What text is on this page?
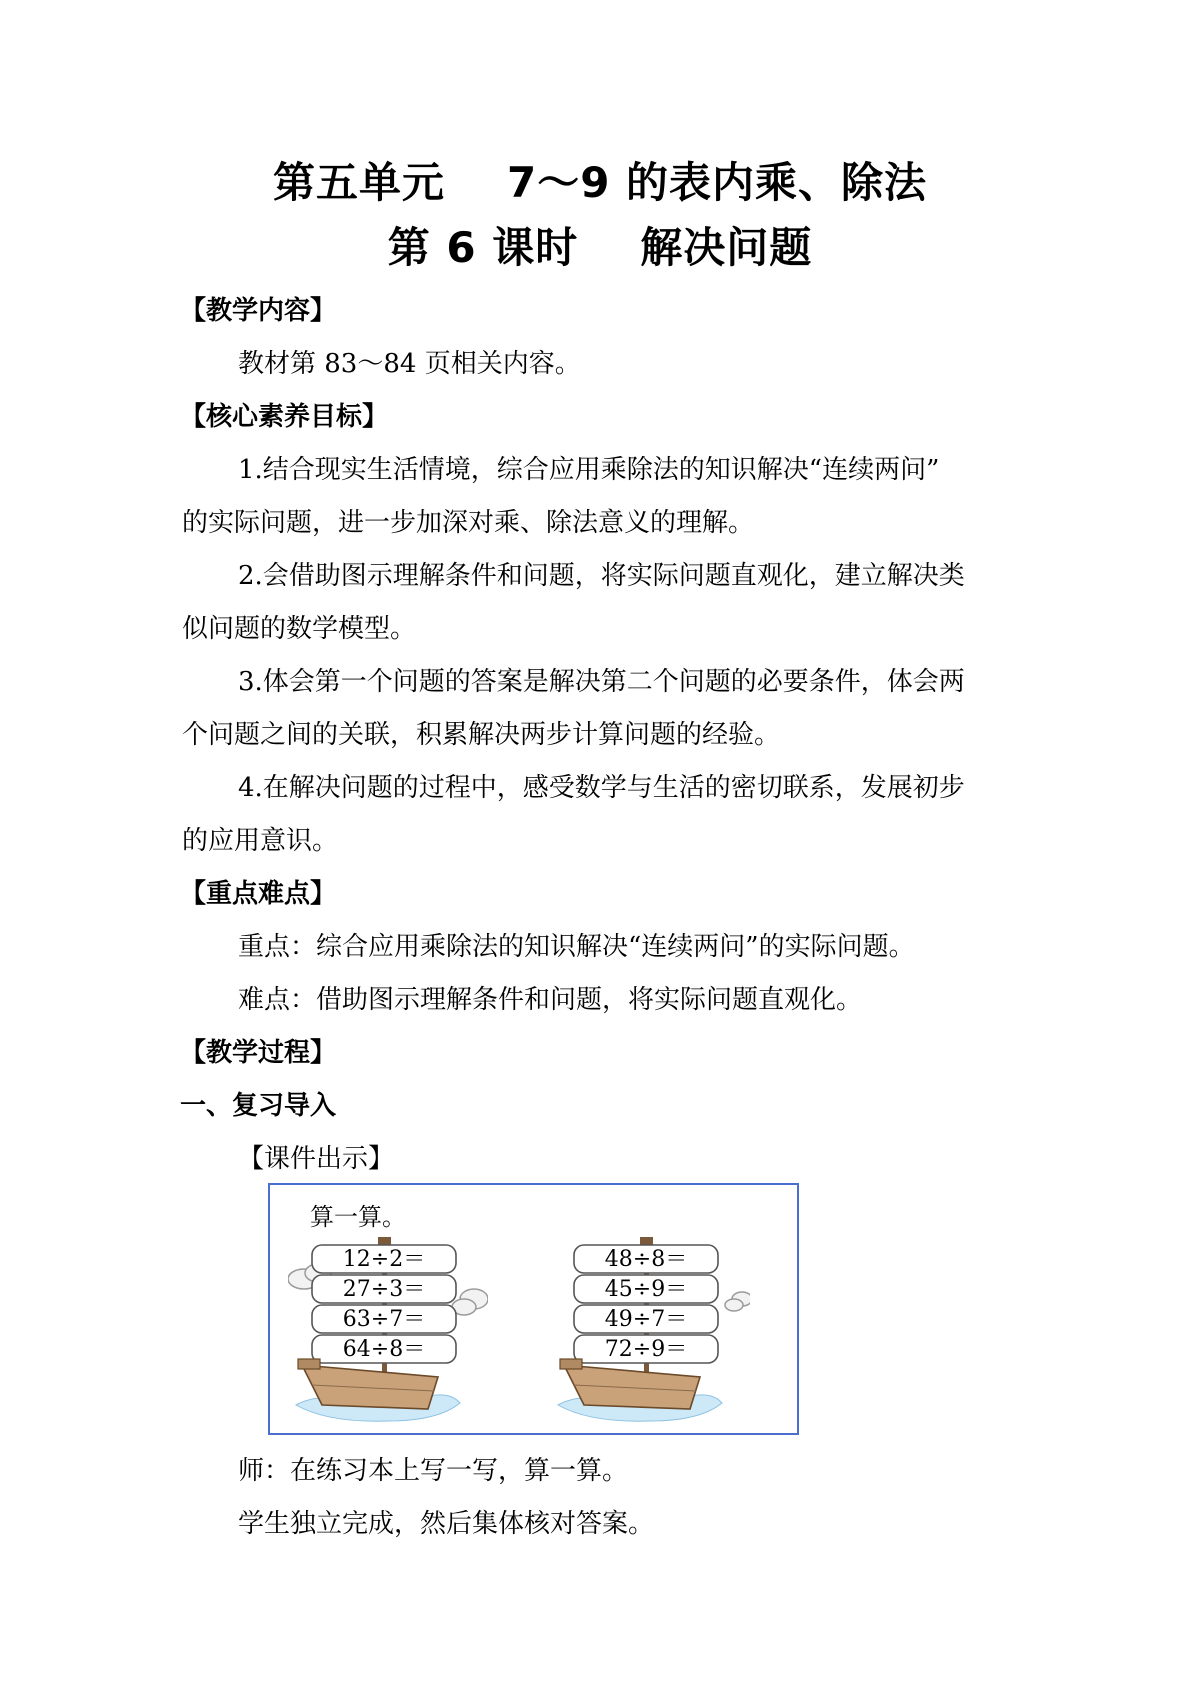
第五单元 7～9 的表内乘、除法
第 6 课时 解决问题
【教学内容】
教材第 83～84 页相关内容。
【核心素养目标】
1.结合现实生活情境，综合应用乘除法的知识解决“连续两问”
的实际问题，进一步加深对乘、除法意义的理解。
2.会借助图示理解条件和问题，将实际问题直观化，建立解决类
似问题的数学模型。
3.体会第一个问题的答案是解决第二个问题的必要条件，体会两
个问题之间的关联，积累解决两步计算问题的经验。
4.在解决问题的过程中，感受数学与生活的密切联系，发展初步
的应用意识。
【重点难点】
重点：综合应用乘除法的知识解决“连续两问”的实际问题。
难点：借助图示理解条件和问题，将实际问题直观化。
【教学过程】
一、复习导入
【课件出示】
算一算。
12÷2＝
27÷3＝
63÷7＝
64÷8＝
48÷8＝
45÷9＝
49÷7＝
72÷9＝
师：在练习本上写一写，算一算。
学生独立完成，然后集体核对答案。
